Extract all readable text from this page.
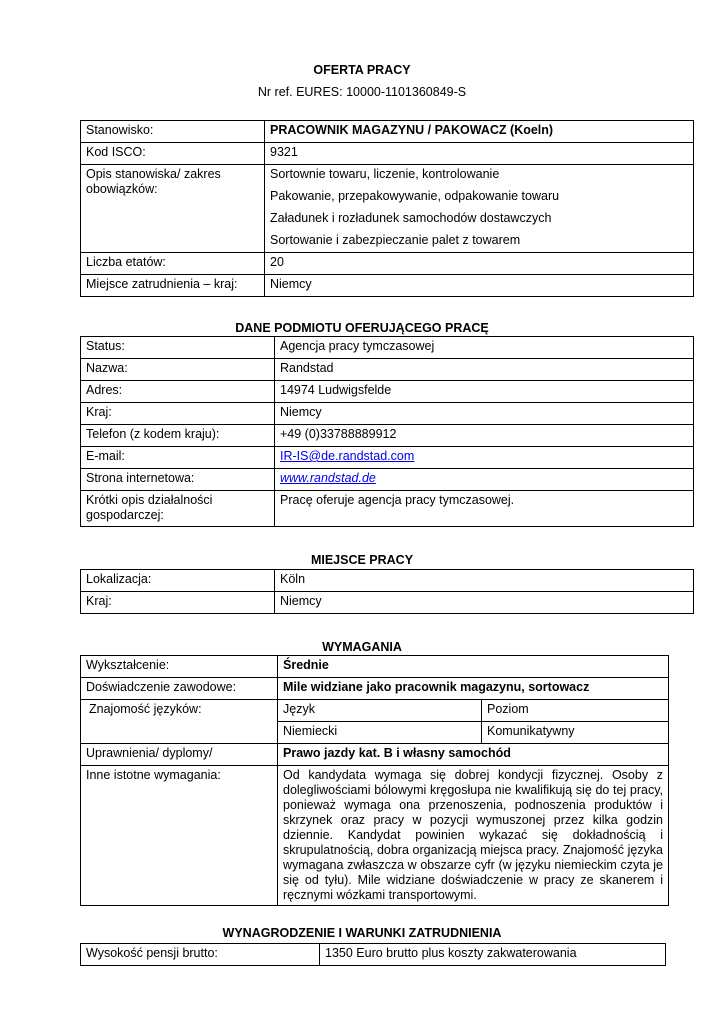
OFERTA PRACY
Nr ref. EURES: 10000-1101360849-S
Stanowisko:	PRACOWNIK MAGAZYNU / PAKOWACZ (Koeln)
Kod ISCO:	9321
Opis stanowiska/ zakres obowiązków:	Sortownie towaru, liczenie, kontrolowanie
Pakowanie, przepakowywanie, odpakowanie towaru
Załadunek i rozładunek samochodów dostawczych
Sortowanie i zabezpieczanie palet z towarem

Liczba etatów:	20
Miejsce zatrudnienia – kraj:	Niemcy
DANE PODMIOTU OFERUJĄCEGO PRACĘ
Status:	Agencja pracy tymczasowej
Nazwa:	Randstad
Adres:	14974 Ludwigsfelde
Kraj:	Niemcy
Telefon (z kodem kraju):	+49 (0)33788889912
E-mail:	IR-IS@de.randstad.com
Strona internetowa:	www.randstad.de
Krótki opis działalności gospodarczej:	Pracę oferuje agencja pracy tymczasowej.
MIEJSCE PRACY
Lokalizacja:	Köln
Kraj:	Niemcy
WYMAGANIA
Wykształcenie:	Średnie	
Doświadczenie zawodowe:	Mile widziane jako pracownik magazynu, sortowacz	
Znajomość języków:	Język	Poziom
	Niemiecki	Komunikatywny
Uprawnienia/ dyplomy/	Prawo jazdy kat. B i własny samochód	
Inne istotne wymagania:	Od kandydata wymaga się dobrej kondycji fizycznej. Osoby z dolegliwościami bólowymi kręgosłupa nie kwalifikują się do tej pracy, ponieważ wymaga ona przenoszenia, podnoszenia produktów i skrzynek oraz pracy w pozycji wymuszonej przez kilka godzin dziennie. Kandydat powinien wykazać się dokładnością i skrupulatnością, dobra organizacją miejsca pracy. Znajomość języka wymagana zwłaszcza w obszarze cyfr (w języku niemieckim czyta je się od tyłu). Mile widziane doświadczenie w pracy ze skanerem i ręcznymi wózkami transportowymi.	
WYNAGRODZENIE I WARUNKI ZATRUDNIENIA
Wysokość pensji brutto:	1350 Euro brutto plus koszty zakwaterowania
